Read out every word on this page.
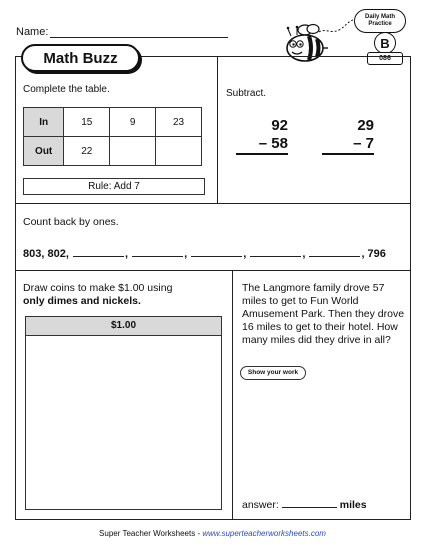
Name:
Math Buzz
Daily Math
Practice
B
086
Complete the table.
In	15	9	23
Out	22		
Rule: Add 7
Subtract.
92
– 58
29
– 7
Count back by ones.
803, 802,	,	,	,	,	, 796
Draw coins to make $1.00 using
only dimes and nickels.
$1.00
The Langmore family drove 57 miles to get to Fun World Amusement Park. Then they drove 16 miles to get to their hotel. How many miles did they drive in all?
Show your work
answer:	miles
Super Teacher Worksheets - www.superteacherworksheets.com
